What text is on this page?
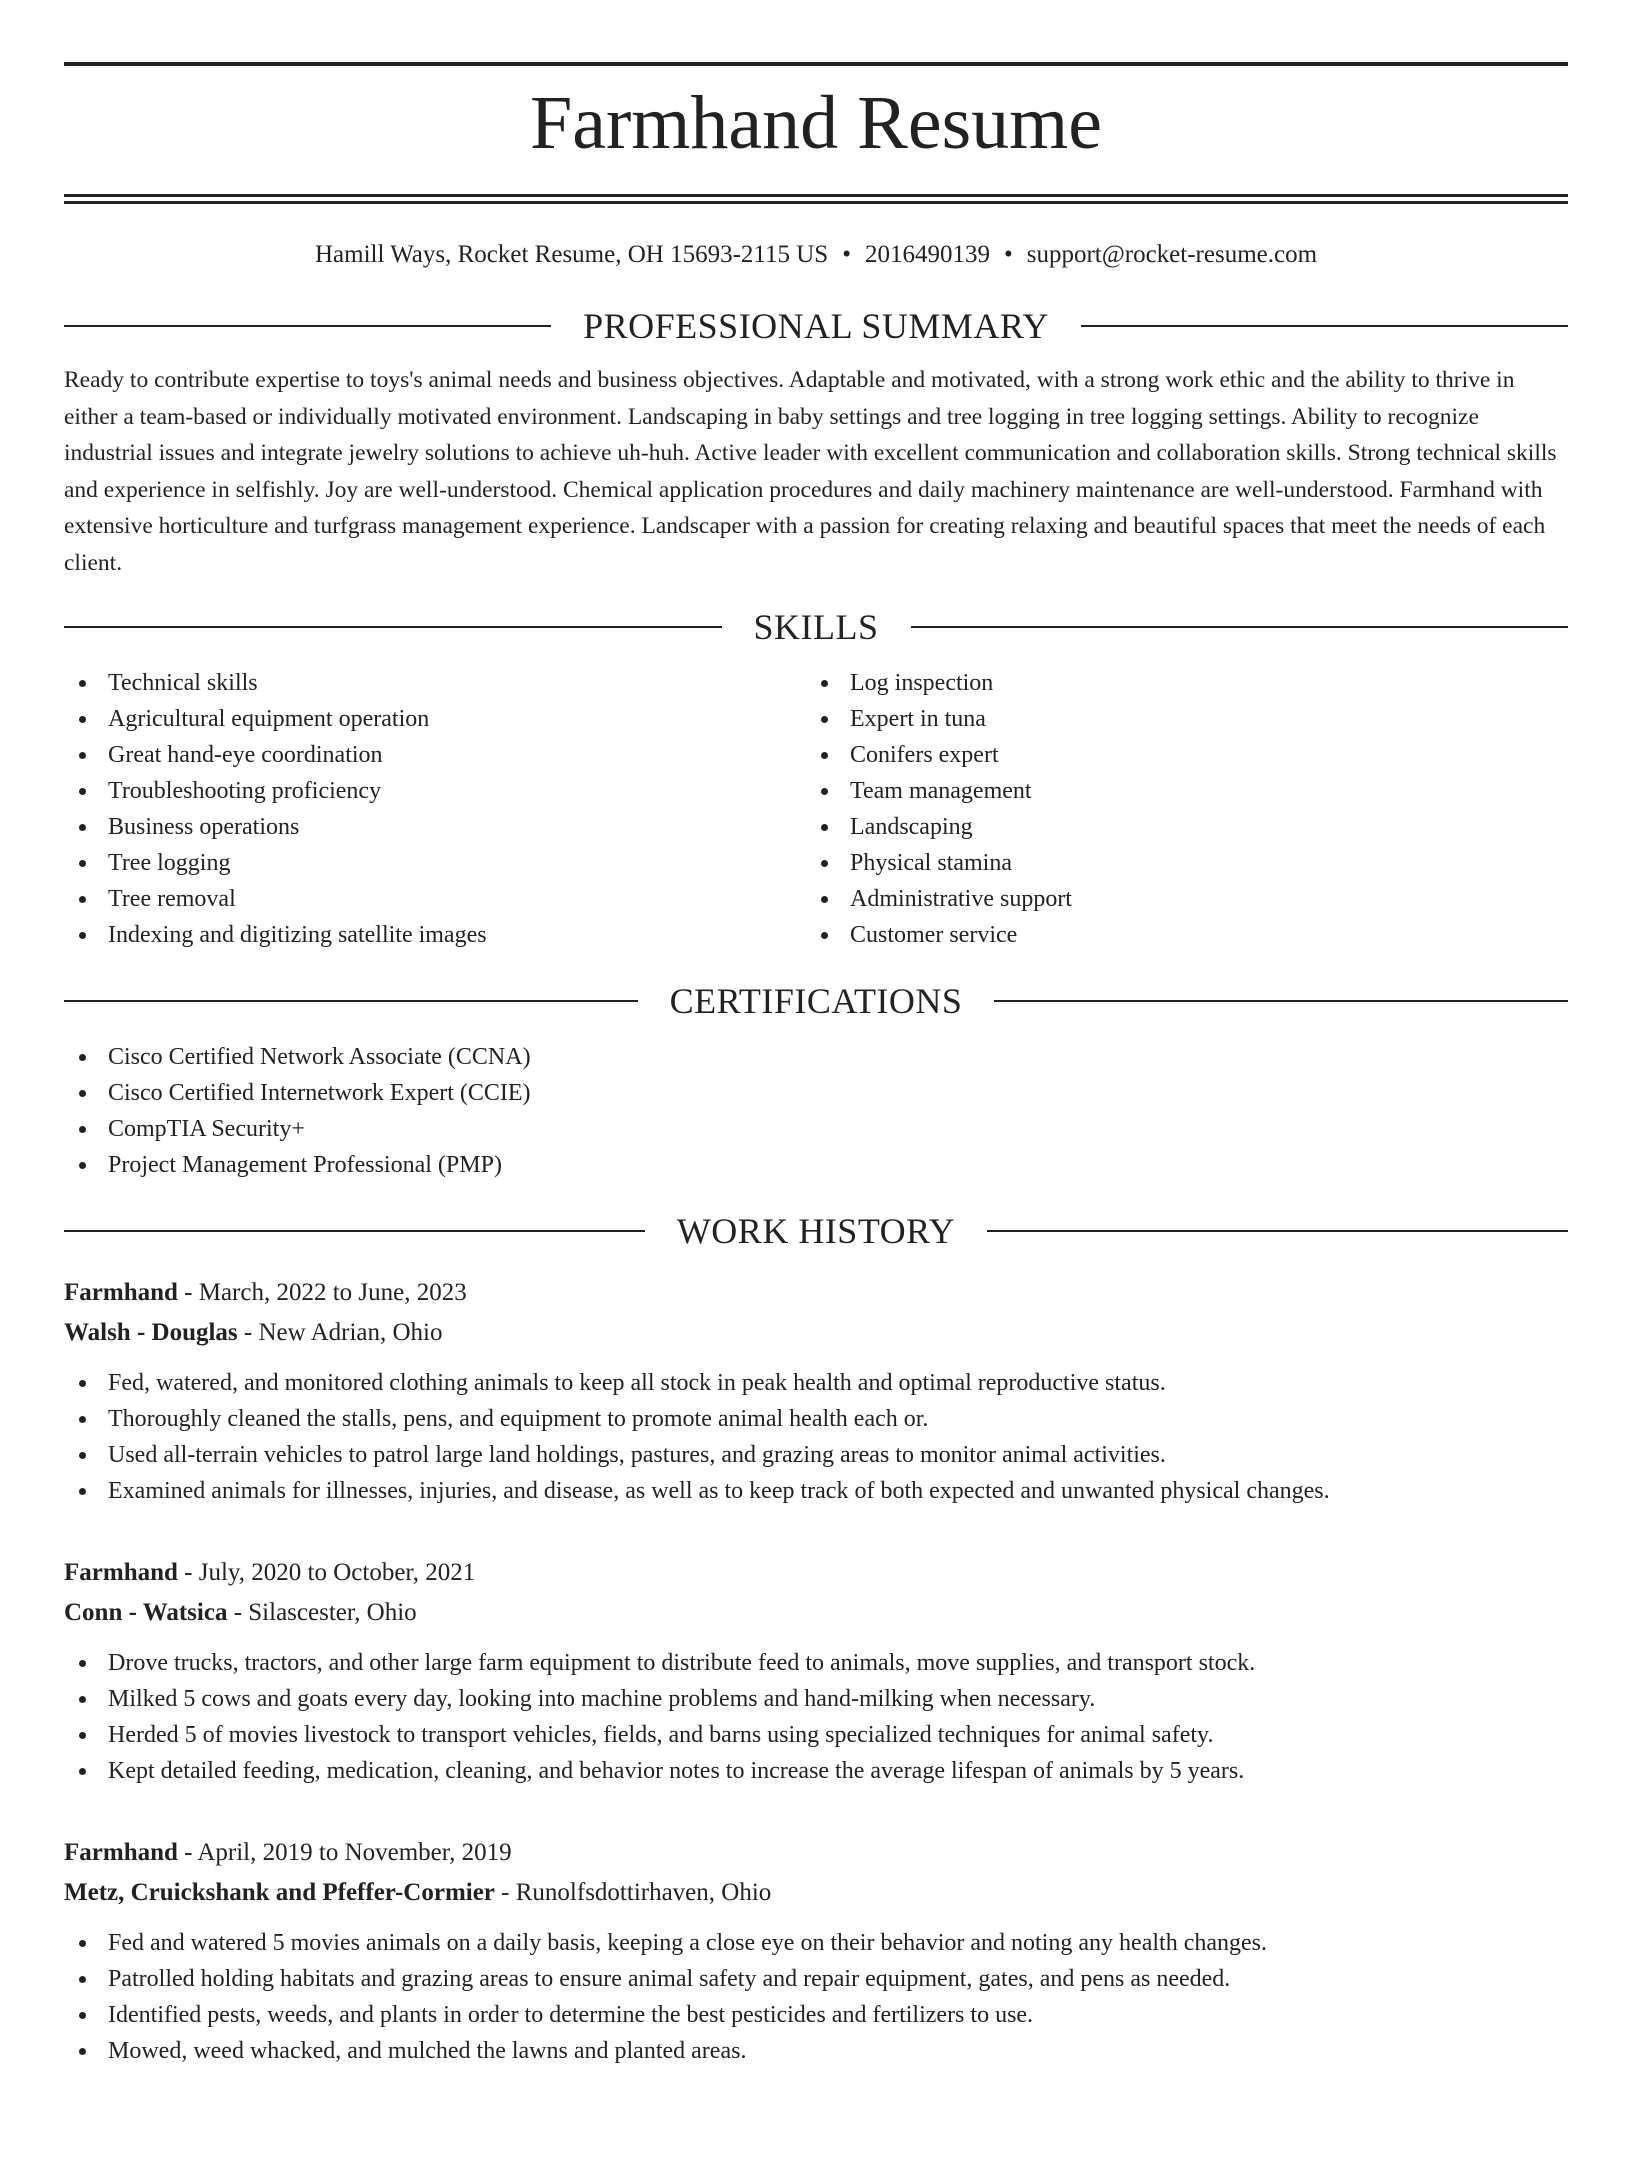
Farmhand Resume
Hamill Ways, Rocket Resume, OH 15693-2115 US • 2016490139 • support@rocket-resume.com
PROFESSIONAL SUMMARY

Ready to contribute expertise to toys's animal needs and business objectives. Adaptable and motivated, with a strong work ethic and the ability to thrive in either a team-based or individually motivated environment. Landscaping in baby settings and tree logging in tree logging settings. Ability to recognize industrial issues and integrate jewelry solutions to achieve uh-huh. Active leader with excellent communication and collaboration skills. Strong technical skills and experience in selfishly. Joy are well-understood. Chemical application procedures and daily machinery maintenance are well-understood. Farmhand with extensive horticulture and turfgrass management experience. Landscaper with a passion for creating relaxing and beautiful spaces that meet the needs of each client.

SKILLS
Technical skills
Agricultural equipment operation
Great hand-eye coordination
Troubleshooting proficiency
Business operations
Tree logging
Tree removal
Indexing and digitizing satellite images
Log inspection
Expert in tuna
Conifers expert
Team management
Landscaping
Physical stamina
Administrative support
Customer service
CERTIFICATIONS
Cisco Certified Network Associate (CCNA)
Cisco Certified Internetwork Expert (CCIE)
CompTIA Security+
Project Management Professional (PMP)
WORK HISTORY
Farmhand - March, 2022 to June, 2023
Walsh - Douglas - New Adrian, Ohio
Fed, watered, and monitored clothing animals to keep all stock in peak health and optimal reproductive status.
Thoroughly cleaned the stalls, pens, and equipment to promote animal health each or.
Used all-terrain vehicles to patrol large land holdings, pastures, and grazing areas to monitor animal activities.
Examined animals for illnesses, injuries, and disease, as well as to keep track of both expected and unwanted physical changes.
Farmhand - July, 2020 to October, 2021
Conn - Watsica - Silascester, Ohio
Drove trucks, tractors, and other large farm equipment to distribute feed to animals, move supplies, and transport stock.
Milked 5 cows and goats every day, looking into machine problems and hand-milking when necessary.
Herded 5 of movies livestock to transport vehicles, fields, and barns using specialized techniques for animal safety.
Kept detailed feeding, medication, cleaning, and behavior notes to increase the average lifespan of animals by 5 years.
Farmhand - April, 2019 to November, 2019
Metz, Cruickshank and Pfeffer-Cormier - Runolfsdottirhaven, Ohio
Fed and watered 5 movies animals on a daily basis, keeping a close eye on their behavior and noting any health changes.
Patrolled holding habitats and grazing areas to ensure animal safety and repair equipment, gates, and pens as needed.
Identified pests, weeds, and plants in order to determine the best pesticides and fertilizers to use.
Mowed, weed whacked, and mulched the lawns and planted areas.
